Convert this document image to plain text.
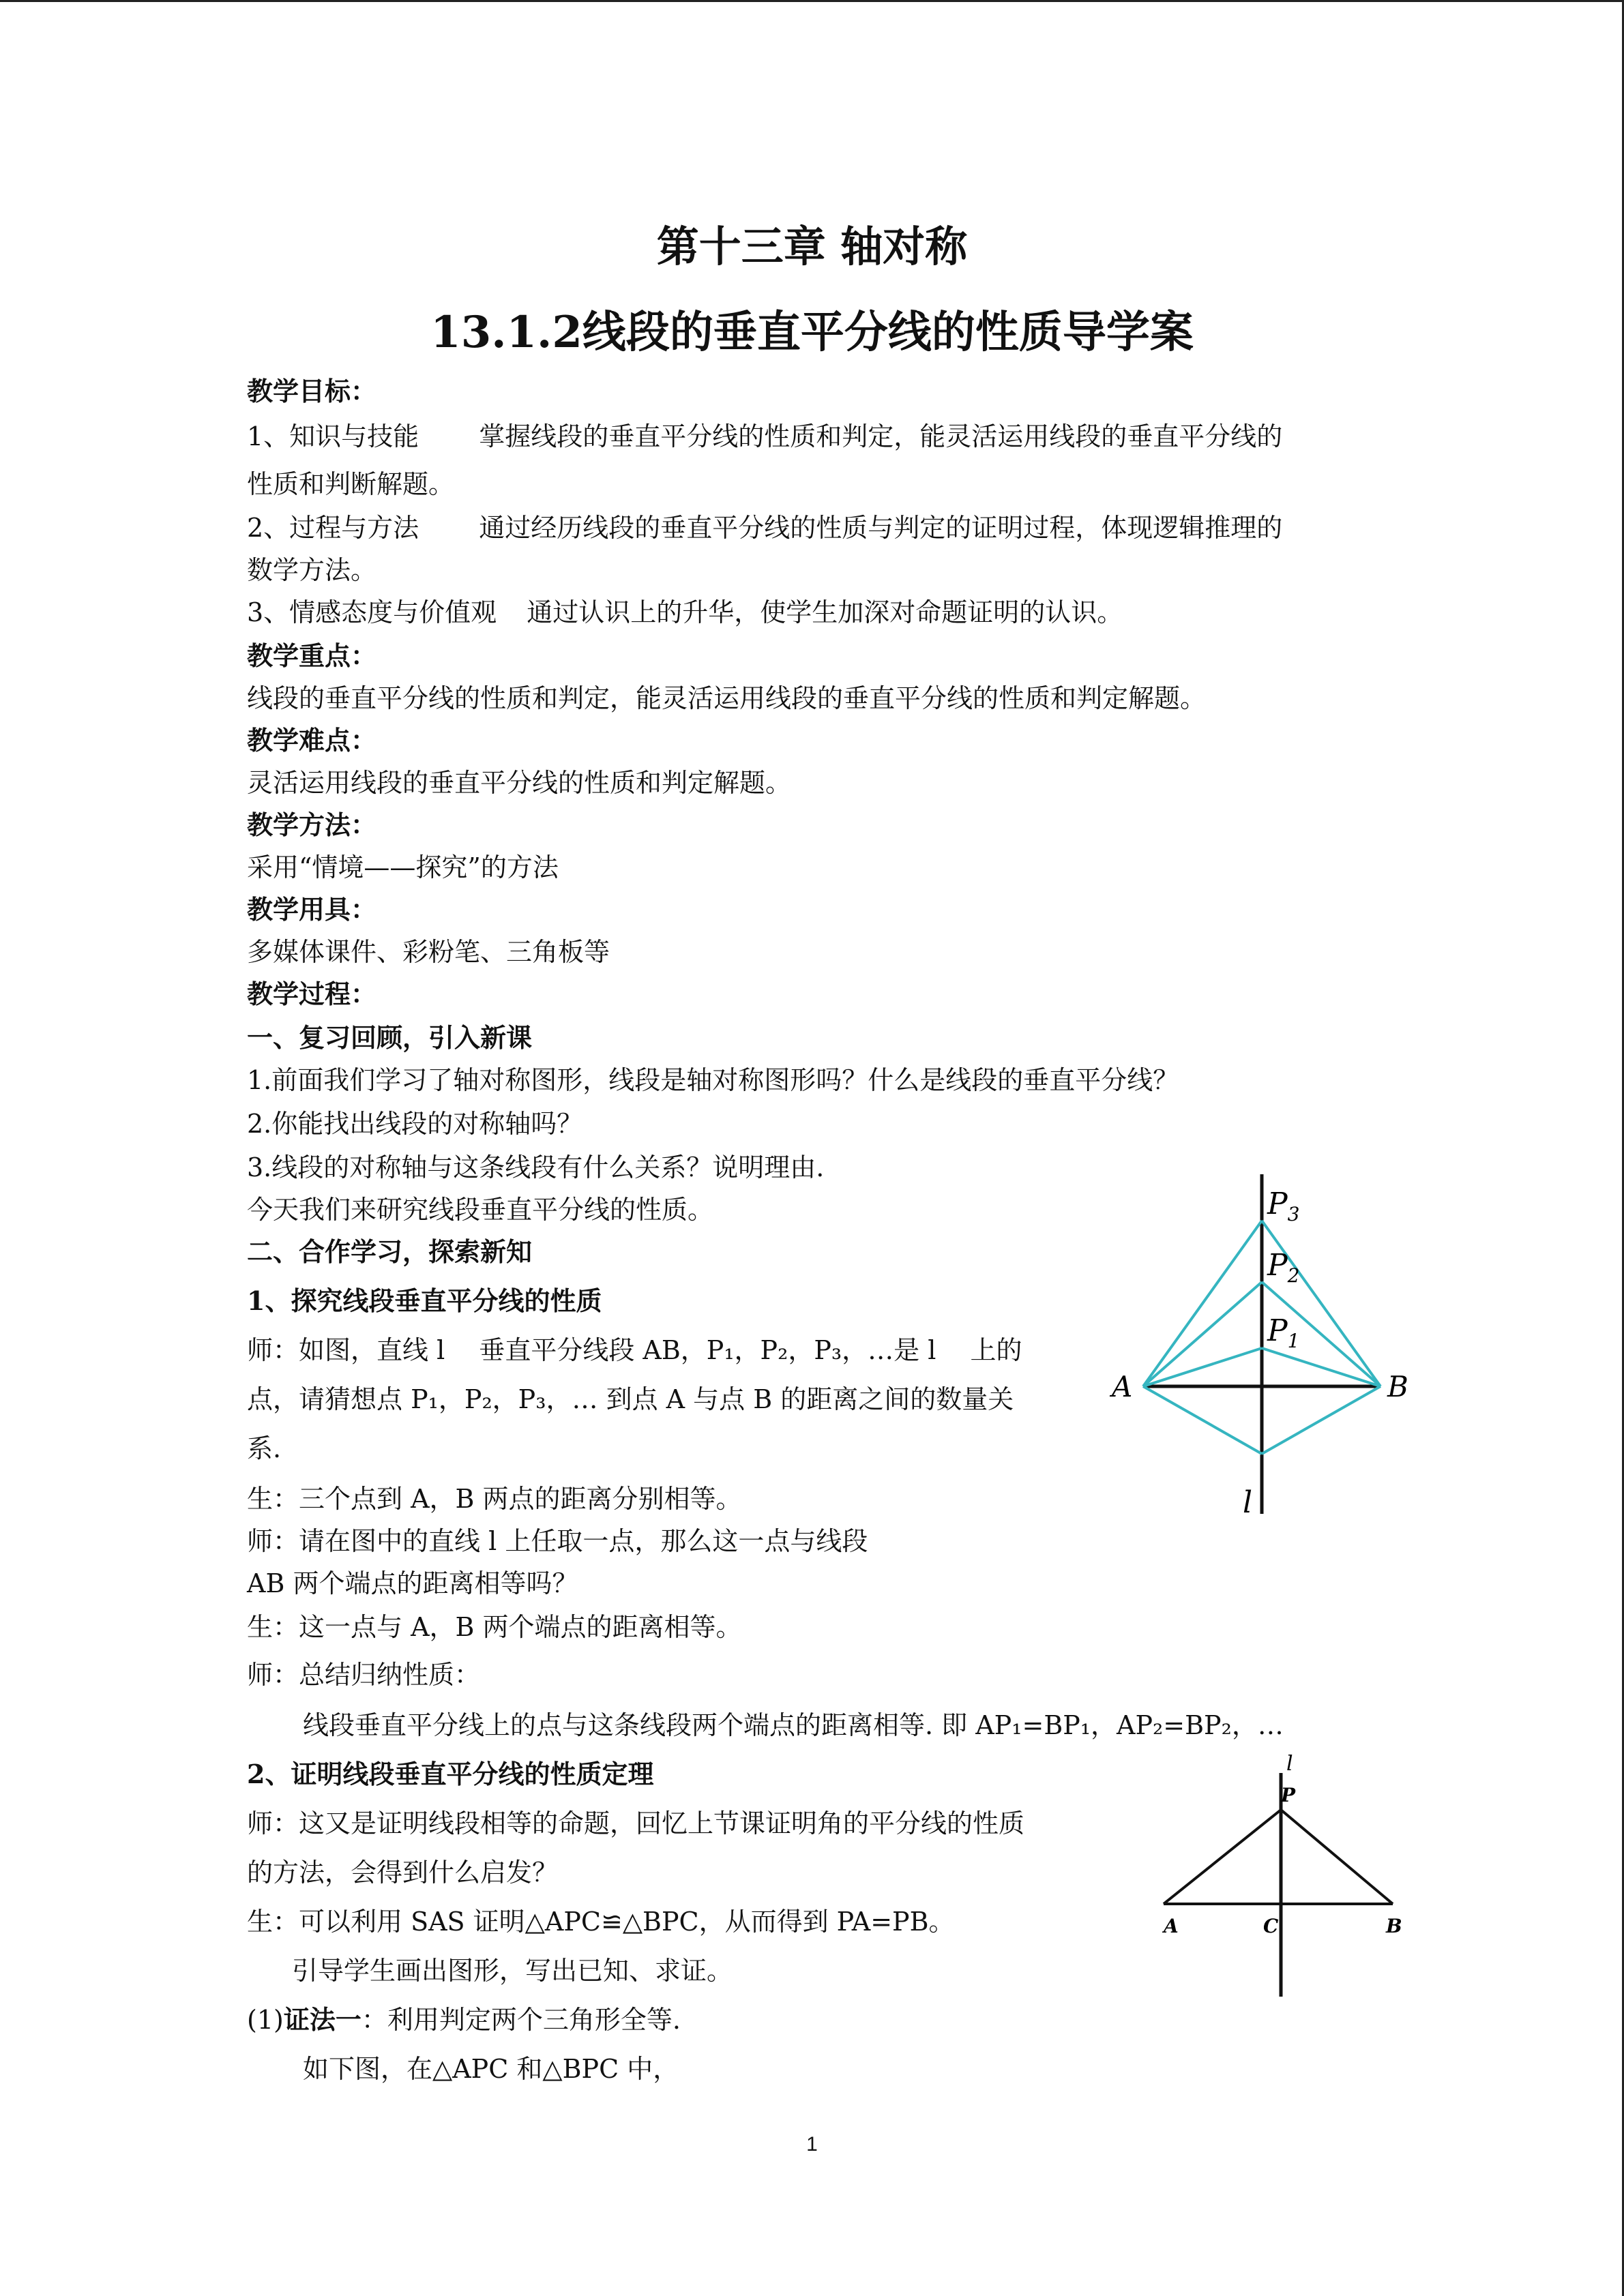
第十三章 轴对称
13.1.2线段的垂直平分线的性质导学案
教学目标：
1、知识与技能 掌握线段的垂直平分线的性质和判定，能灵活运用线段的垂直平分线的
性质和判断解题。
2、过程与方法 通过经历线段的垂直平分线的性质与判定的证明过程，体现逻辑推理的
数学方法。
3、情感态度与价值观 通过认识上的升华，使学生加深对命题证明的认识。
教学重点：
线段的垂直平分线的性质和判定，能灵活运用线段的垂直平分线的性质和判定解题。
教学难点：
灵活运用线段的垂直平分线的性质和判定解题。
教学方法：
采用“情境——探究”的方法
教学用具：
多媒体课件、彩粉笔、三角板等
教学过程：
一、复习回顾，引入新课
1.前面我们学习了轴对称图形，线段是轴对称图形吗？什么是线段的垂直平分线？
2.你能找出线段的对称轴吗？
3.线段的对称轴与这条线段有什么关系？说明理由.
今天我们来研究线段垂直平分线的性质。
二、合作学习，探索新知
1、探究线段垂直平分线的性质
师：如图，直线 l　 垂直平分线段 AB，P₁，P₂，P₃，…是 l　 上的
点，请猜想点 P₁，P₂，P₃，… 到点 A 与点 B 的距离之间的数量关
系.
生：三个点到 A，B 两点的距离分别相等。
师：请在图中的直线 l 上任取一点，那么这一点与线段
AB 两个端点的距离相等吗？
生：这一点与 A，B 两个端点的距离相等。
师：总结归纳性质：
线段垂直平分线上的点与这条线段两个端点的距离相等. 即 AP₁=BP₁，AP₂=BP₂，…
2、证明线段垂直平分线的性质定理
师：这又是证明线段相等的命题，回忆上节课证明角的平分线的性质
的方法，会得到什么启发？
生：可以利用 SAS 证明△APC≌△BPC，从而得到 PA=PB。
引导学生画出图形，写出已知、求证。
(1)证法一：利用判定两个三角形全等.
如下图，在△APC 和△BPC 中，
$P_3$
$P_2$
$P_1$
A	B
l
l
P
A	C	B
1
